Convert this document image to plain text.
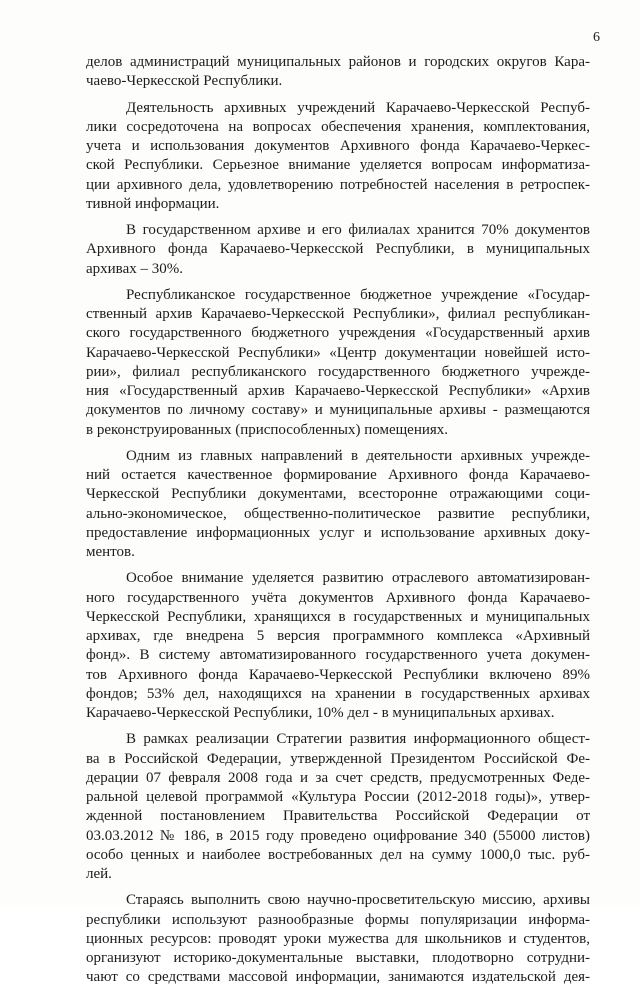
6
делов администраций муниципальных районов и городских округов Кара-
чаево-Черкесской Республики.
Деятельность архивных учреждений Карачаево-Черкесской Респуб-
лики сосредоточена на вопросах обеспечения хранения, комплектования,
учета и использования документов Архивного фонда Карачаево-Черкес-
ской Республики. Серьезное внимание уделяется вопросам информатиза-
ции архивного дела, удовлетворению потребностей населения в ретроспек-
тивной информации.
В государственном архиве и его филиалах хранится 70% документов
Архивного фонда Карачаево-Черкесской Республики, в муниципальных
архивах – 30%.
Республиканское государственное бюджетное учреждение «Государ-
ственный архив Карачаево-Черкесской Республики», филиал республикан-
ского государственного бюджетного учреждения «Государственный архив
Карачаево-Черкесской Республики» «Центр документации новейшей исто-
рии», филиал республиканского государственного бюджетного учрежде-
ния «Государственный архив Карачаево-Черкесской Республики» «Архив
документов по личному составу» и муниципальные архивы - размещаются
в реконструированных (приспособленных) помещениях.
Одним из главных направлений в деятельности архивных учрежде-
ний остается качественное формирование Архивного фонда Карачаево-
Черкесской Республики документами, всесторонне отражающими соци-
ально-экономическое, общественно-политическое развитие республики,
предоставление информационных услуг и использование архивных доку-
ментов.
Особое внимание уделяется развитию отраслевого автоматизирован-
ного государственного учёта документов Архивного фонда Карачаево-
Черкесской Республики, хранящихся в государственных и муниципальных
архивах, где внедрена 5 версия программного комплекса «Архивный
фонд». В систему автоматизированного государственного учета докумен-
тов Архивного фонда Карачаево-Черкесской Республики включено 89%
фондов; 53% дел, находящихся на хранении в государственных архивах
Карачаево-Черкесской Республики, 10% дел - в муниципальных архивах.
В рамках реализации Стратегии развития информационного общест-
ва в Российской Федерации, утвержденной Президентом Российской Фе-
дерации 07 февраля 2008 года и за счет средств, предусмотренных Феде-
ральной целевой программой «Культура России (2012-2018 годы)», утвер-
жденной постановлением Правительства Российской Федерации от
03.03.2012 № 186, в 2015 году проведено оцифрование 340 (55000 листов)
особо ценных и наиболее востребованных дел на сумму 1000,0 тыс. руб-
лей.
Стараясь выполнить свою научно-просветительскую миссию, архивы
республики используют разнообразные формы популяризации информа-
ционных ресурсов: проводят уроки мужества для школьников и студентов,
организуют историко-документальные выставки, плодотворно сотрудни-
чают со средствами массовой информации, занимаются издательской дея-
